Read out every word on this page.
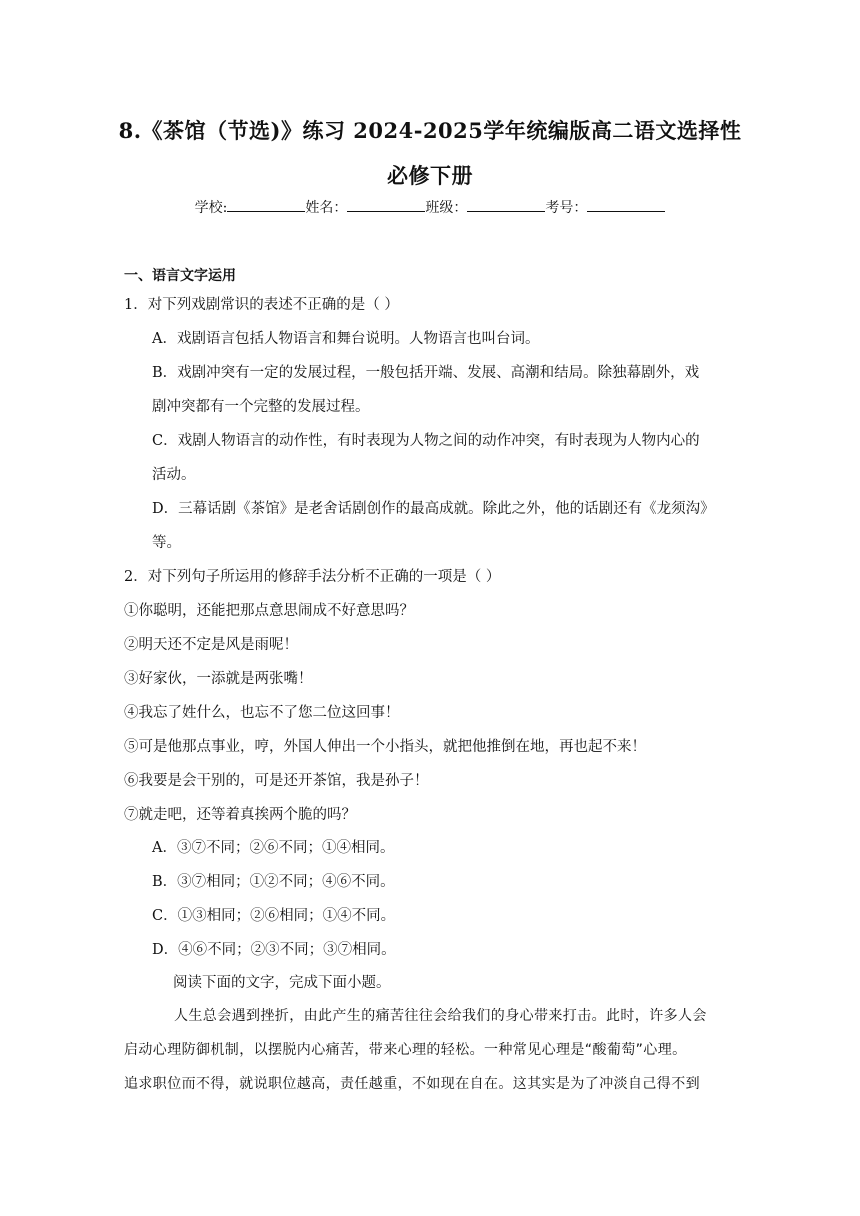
8.《茶馆（节选)》练习 2024-2025学年统编版高二语文选择性
必修下册
学校:	姓名：	班级：	考号：
一、语言文字运用
1．对下列戏剧常识的表述不正确的是（ ）
A．戏剧语言包括人物语言和舞台说明。人物语言也叫台词。
B．戏剧冲突有一定的发展过程，一般包括开端、发展、高潮和结局。除独幕剧外，戏
剧冲突都有一个完整的发展过程。
C．戏剧人物语言的动作性，有时表现为人物之间的动作冲突，有时表现为人物内心的
活动。
D．三幕话剧《茶馆》是老舍话剧创作的最高成就。除此之外，他的话剧还有《龙须沟》
等。
2．对下列句子所运用的修辞手法分析不正确的一项是（ ）
①你聪明，还能把那点意思闹成不好意思吗？
②明天还不定是风是雨呢！
③好家伙，一添就是两张嘴！
④我忘了姓什么，也忘不了您二位这回事！
⑤可是他那点事业，哼，外国人伸出一个小指头，就把他推倒在地，再也起不来！
⑥我要是会干别的，可是还开茶馆，我是孙子！
⑦就走吧，还等着真挨两个脆的吗？
A．③⑦不同；②⑥不同；①④相同。
B．③⑦相同；①②不同；④⑥不同。
C．①③相同；②⑥相同；①④不同。
D．④⑥不同；②③不同；③⑦相同。
阅读下面的文字，完成下面小题。
人生总会遇到挫折，由此产生的痛苦往往会给我们的身心带来打击。此时，许多人会
启动心理防御机制，以摆脱内心痛苦，带来心理的轻松。一种常见心理是“酸葡萄”心理。
追求职位而不得，就说职位越高，责任越重，不如现在自在。这其实是为了冲淡自己得不到
